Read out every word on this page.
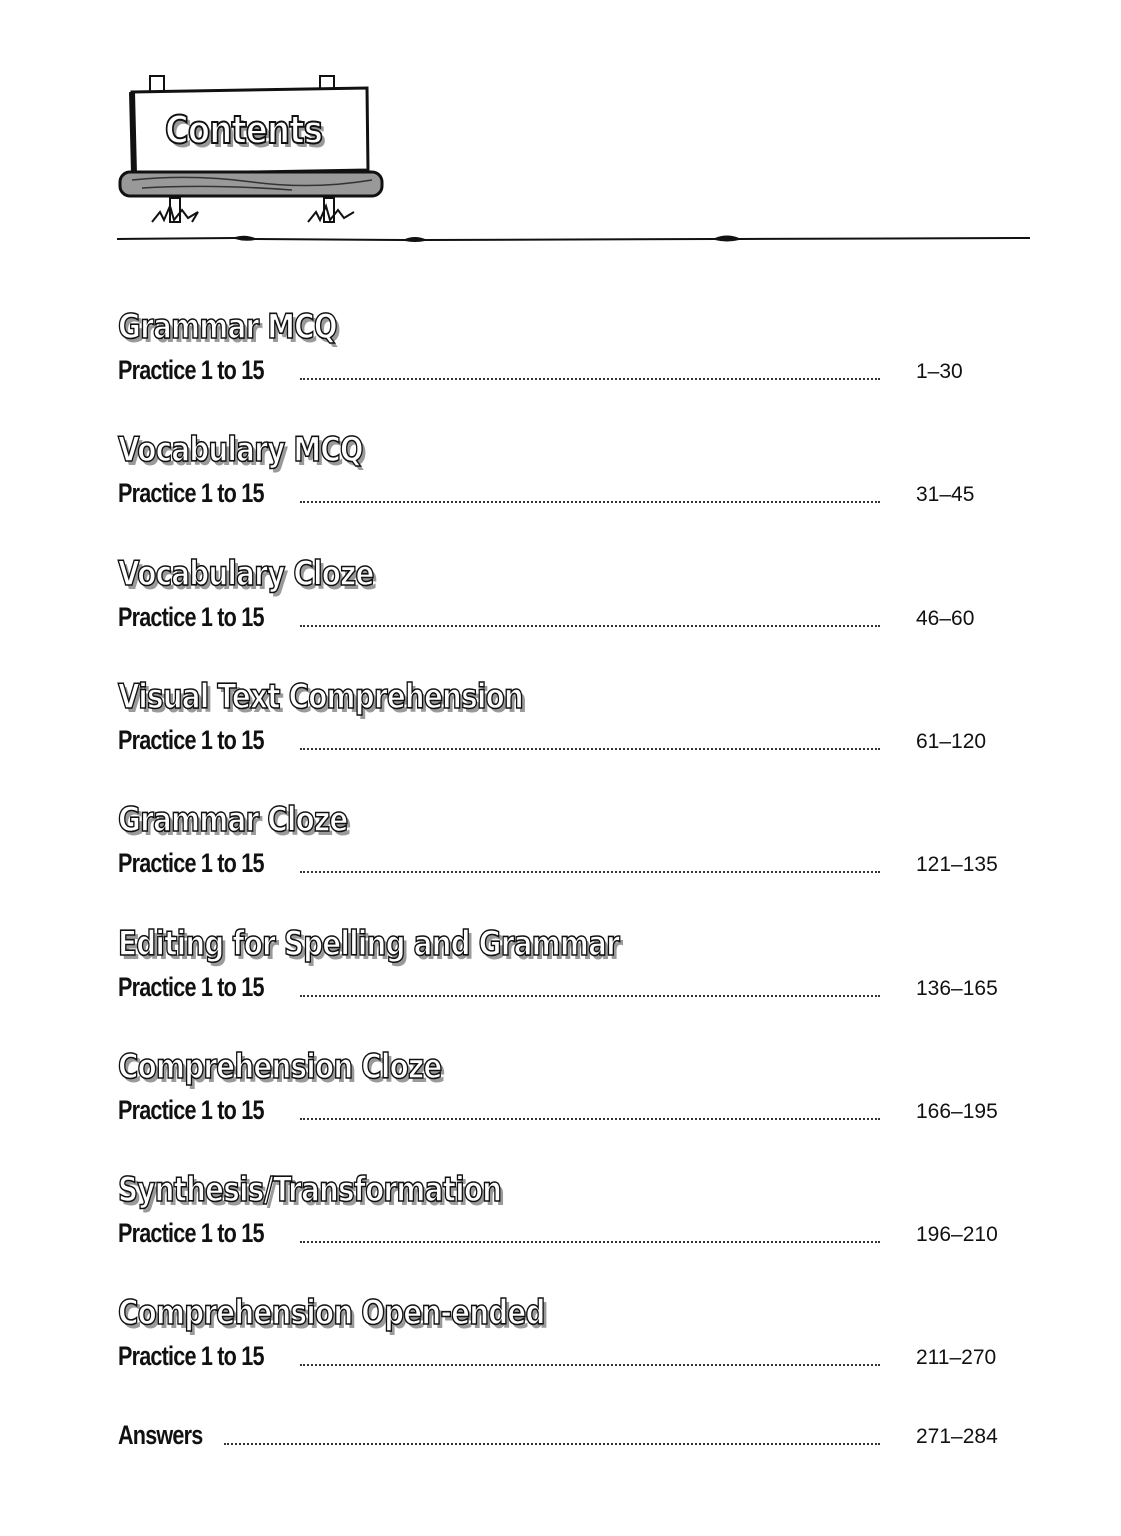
Contents
Grammar MCQ
Practice 1 to 15	1–30
Vocabulary MCQ
Practice 1 to 15	31–45
Vocabulary Cloze
Practice 1 to 15	46–60
Visual Text Comprehension
Practice 1 to 15	61–120
Grammar Cloze
Practice 1 to 15	121–135
Editing for Spelling and Grammar
Practice 1 to 15	136–165
Comprehension Cloze
Practice 1 to 15	166–195
Synthesis/Transformation
Practice 1 to 15	196–210
Comprehension Open-ended
Practice 1 to 15	211–270
Answers	271–284
